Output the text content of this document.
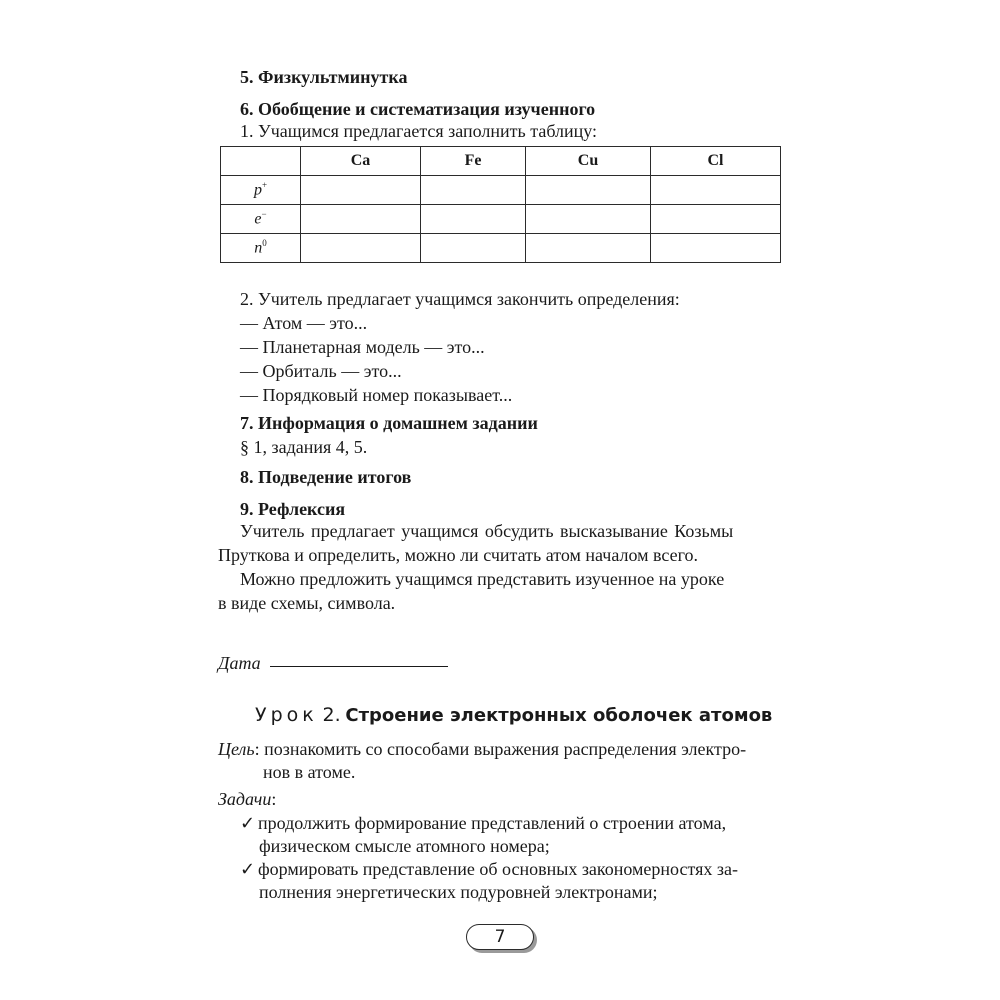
5. Физкультминутка

6. Обобщение и систематизация изученного

1. Учащимся предлагается заполнить таблицу:

	Ca	Fe	Cu	Cl
p+				
e−				
$n^0$				

2. Учитель предлагает учащимся закончить определения:

— Атом — это...

— Планетарная модель — это...

— Орбиталь — это...

— Порядковый номер показывает...

7. Информация о домашнем задании

§ 1, задания 4, 5.

8. Подведение итогов

9. Рефлексия

Учитель предлагает учащимся обсудить высказывание Козьмы

Пруткова и определить, можно ли считать атом началом всего.

Можно предложить учащимся представить изученное на уроке

в виде схемы, символа.

Дата

Урок 2. Строение электронных оболочек атомов

Цель: познакомить со способами выражения распределения электро-

нов в атоме.

Задачи:

✓ продолжить формирование представлений о строении атома,

физическом смысле атомного номера;

✓ формировать представление об основных закономерностях за-

полнения энергетических подуровней электронами;

7
